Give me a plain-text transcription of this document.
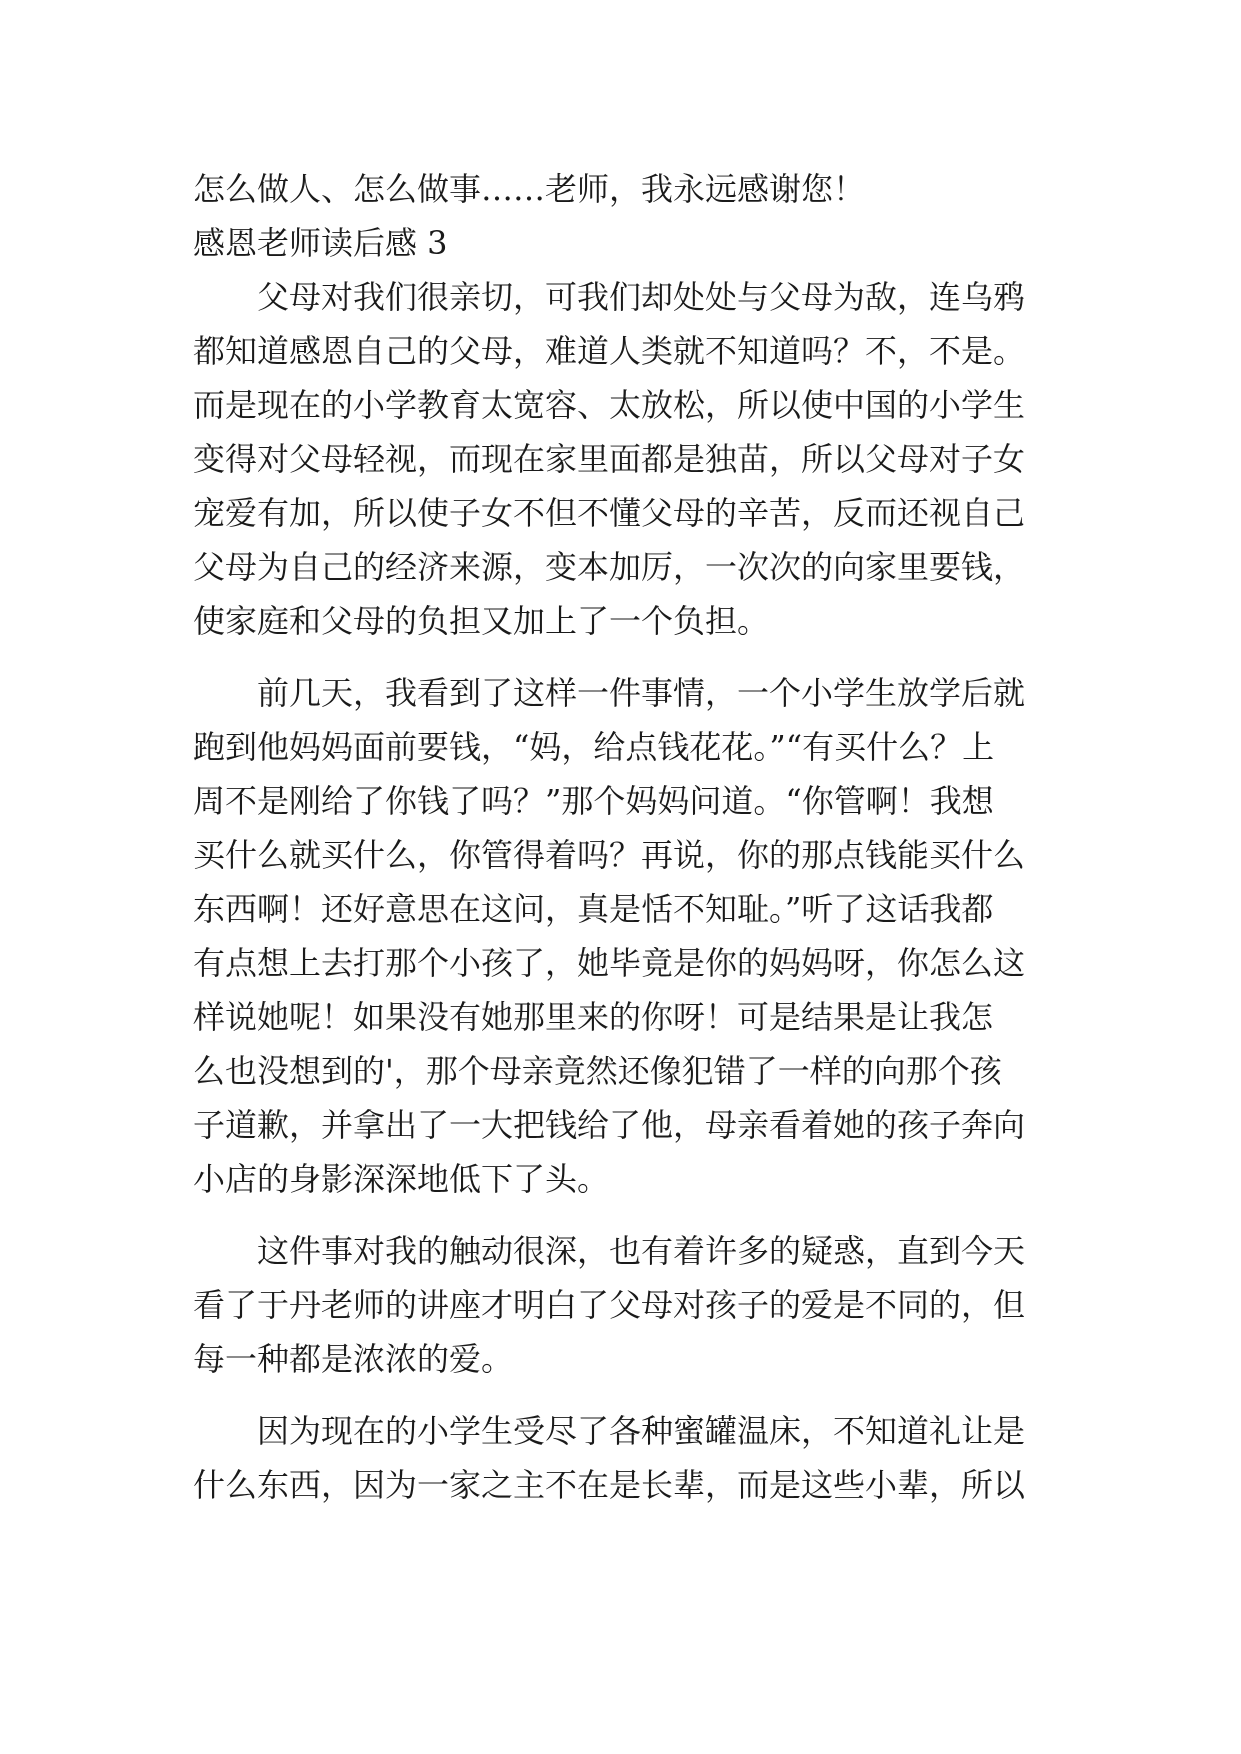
怎么做人、怎么做事……老师，我永远感谢您！
感恩老师读后感 3
父母对我们很亲切，可我们却处处与父母为敌，连乌鸦
都知道感恩自己的父母，难道人类就不知道吗？不，不是。
而是现在的小学教育太宽容、太放松，所以使中国的小学生
变得对父母轻视，而现在家里面都是独苗，所以父母对子女
宠爱有加，所以使子女不但不懂父母的辛苦，反而还视自己
父母为自己的经济来源，变本加厉，一次次的向家里要钱，
使家庭和父母的负担又加上了一个负担。
前几天，我看到了这样一件事情，一个小学生放学后就
跑到他妈妈面前要钱，“妈，给点钱花花。”“有买什么？上
周不是刚给了你钱了吗？”那个妈妈问道。“你管啊！我想
买什么就买什么，你管得着吗？再说，你的那点钱能买什么
东西啊！还好意思在这问，真是恬不知耻。”听了这话我都
有点想上去打那个小孩了，她毕竟是你的妈妈呀，你怎么这
样说她呢！如果没有她那里来的你呀！可是结果是让我怎
么也没想到的'，那个母亲竟然还像犯错了一样的向那个孩
子道歉，并拿出了一大把钱给了他，母亲看着她的孩子奔向
小店的身影深深地低下了头。
这件事对我的触动很深，也有着许多的疑惑，直到今天
看了于丹老师的讲座才明白了父母对孩子的爱是不同的，但
每一种都是浓浓的爱。
因为现在的小学生受尽了各种蜜罐温床，不知道礼让是
什么东西，因为一家之主不在是长辈，而是这些小辈，所以
